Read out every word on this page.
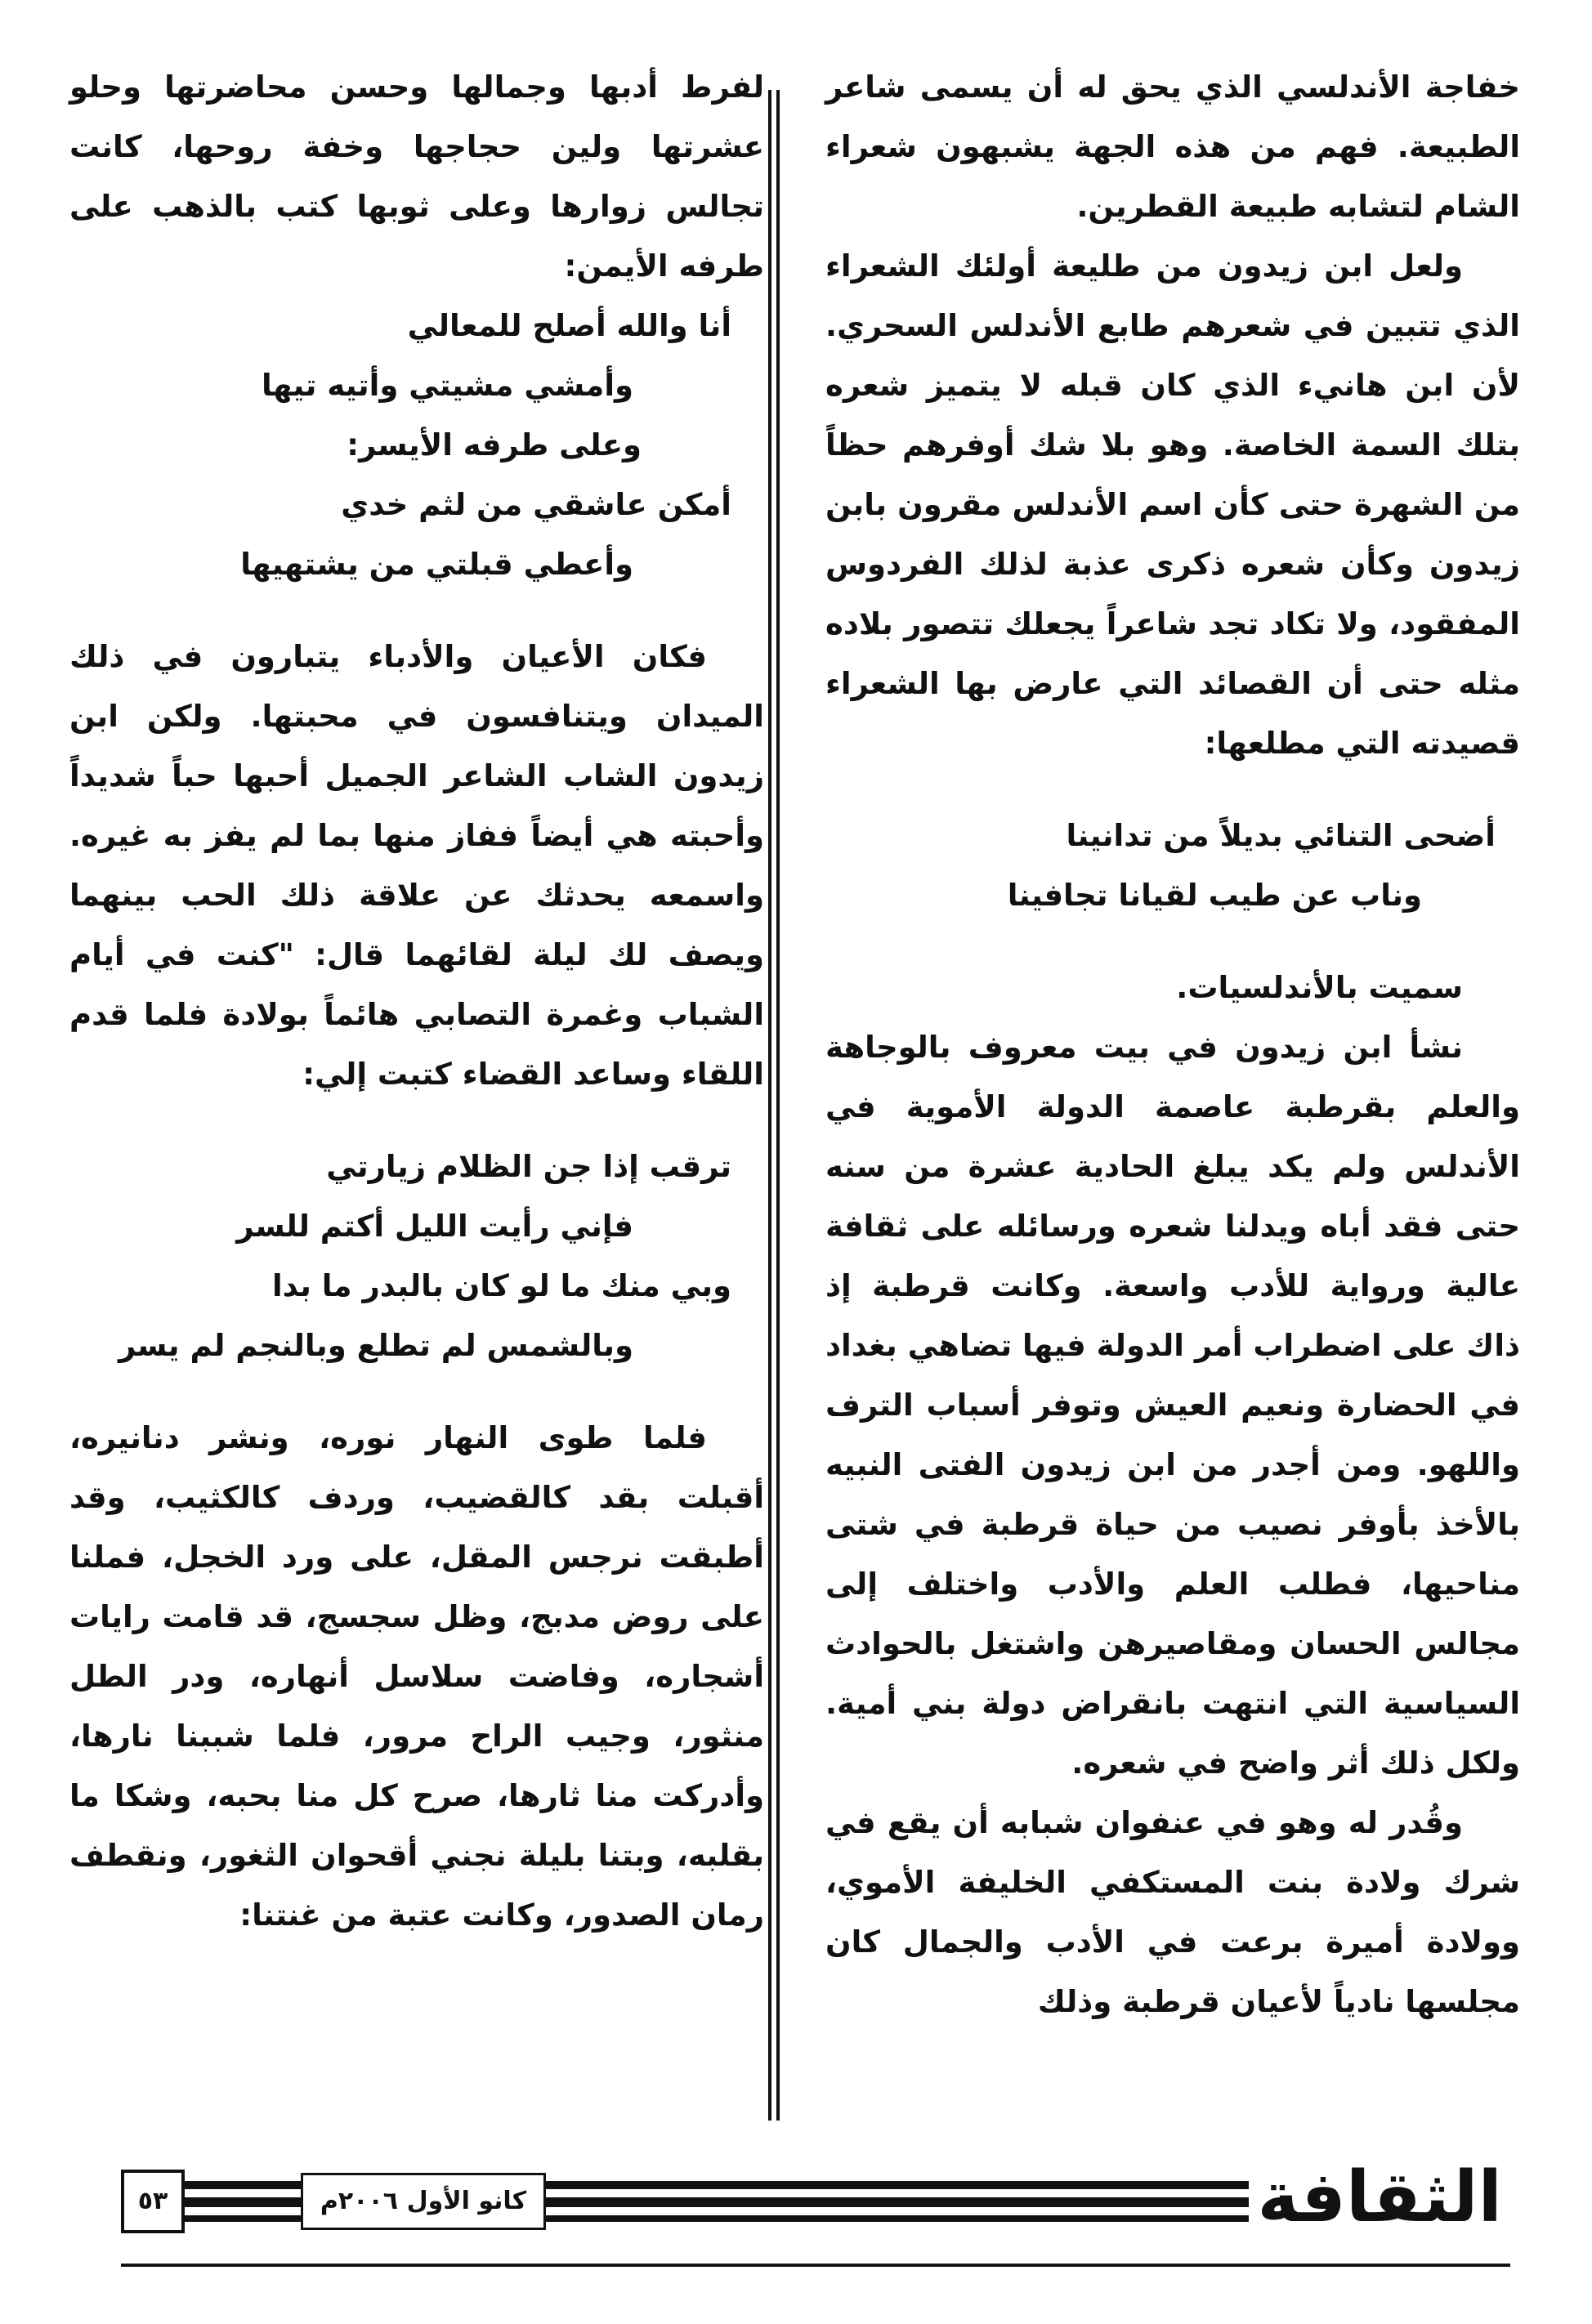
خفاجة الأندلسي الذي يحق له أن يسمى شاعر الطبيعة. فهم من هذه الجهة يشبهون شعراء الشام لتشابه طبيعة القطرين.

ولعل ابن زيدون من طليعة أولئك الشعراء الذي تتبين في شعرهم طابع الأندلس السحري. لأن ابن هانيء الذي كان قبله لا يتميز شعره بتلك السمة الخاصة. وهو بلا شك أوفرهم حظاً من الشهرة حتى كأن اسم الأندلس مقرون بابن زيدون وكأن شعره ذكرى عذبة لذلك الفردوس المفقود، ولا تكاد تجد شاعراً يجعلك تتصور بلاده مثله حتى أن القصائد التي عارض بها الشعراء قصيدته التي مطلعها:

أضحى التنائي بديلاً من تدانينا

وناب عن طيب لقيانا تجافينا

سميت بالأندلسيات.

نشأ ابن زيدون في بيت معروف بالوجاهة والعلم بقرطبة عاصمة الدولة الأموية في الأندلس ولم يكد يبلغ الحادية عشرة من سنه حتى فقد أباه ويدلنا شعره ورسائله على ثقافة عالية ورواية للأدب واسعة. وكانت قرطبة إذ ذاك على اضطراب أمر الدولة فيها تضاهي بغداد في الحضارة ونعيم العيش وتوفر أسباب الترف واللهو. ومن أجدر من ابن زيدون الفتى النبيه بالأخذ بأوفر نصيب من حياة قرطبة في شتى مناحيها، فطلب العلم والأدب واختلف إلى مجالس الحسان ومقاصيرهن واشتغل بالحوادث السياسية التي انتهت بانقراض دولة بني أمية. ولكل ذلك أثر واضح في شعره.

وقُدر له وهو في عنفوان شبابه أن يقع في شرك ولادة بنت المستكفي الخليفة الأموي، وولادة أميرة برعت في الأدب والجمال كان مجلسها نادياً لأعيان قرطبة وذلك

لفرط أدبها وجمالها وحسن محاضرتها وحلو عشرتها ولين حجاجها وخفة روحها، كانت تجالس زوارها وعلى ثوبها كتب بالذهب على طرفه الأيمن:

أنا والله أصلح للمعالي

وأمشي مشيتي وأتيه تيها

وعلى طرفه الأيسر:

أمكن عاشقي من لثم خدي

وأعطي قبلتي من يشتهيها

فكان الأعيان والأدباء يتبارون في ذلك الميدان ويتنافسون في محبتها. ولكن ابن زيدون الشاب الشاعر الجميل أحبها حباً شديداً وأحبته هي أيضاً ففاز منها بما لم يفز به غيره. واسمعه يحدثك عن علاقة ذلك الحب بينهما ويصف لك ليلة لقائهما قال: "كنت في أيام الشباب وغمرة التصابي هائماً بولادة فلما قدم اللقاء وساعد القضاء كتبت إلي:

ترقب إذا جن الظلام زيارتي

فإني رأيت الليل أكتم للسر

وبي منك ما لو كان بالبدر ما بدا

وبالشمس لم تطلع وبالنجم لم يسر

فلما طوى النهار نوره، ونشر دنانيره، أقبلت بقد كالقضيب، وردف كالكثيب، وقد أطبقت نرجس المقل، على ورد الخجل، فملنا على روض مدبج، وظل سجسج، قد قامت رايات أشجاره، وفاضت سلاسل أنهاره، ودر الطل منثور، وجيب الراح مرور، فلما شببنا نارها، وأدركت منا ثارها، صرح كل منا بحبه، وشكا ما بقلبه، وبتنا بليلة نجني أقحوان الثغور، ونقطف رمان الصدور، وكانت عتبة من غنتنا:

٥٣	كانو الأول ٢٠٠٦م	الثقافة
